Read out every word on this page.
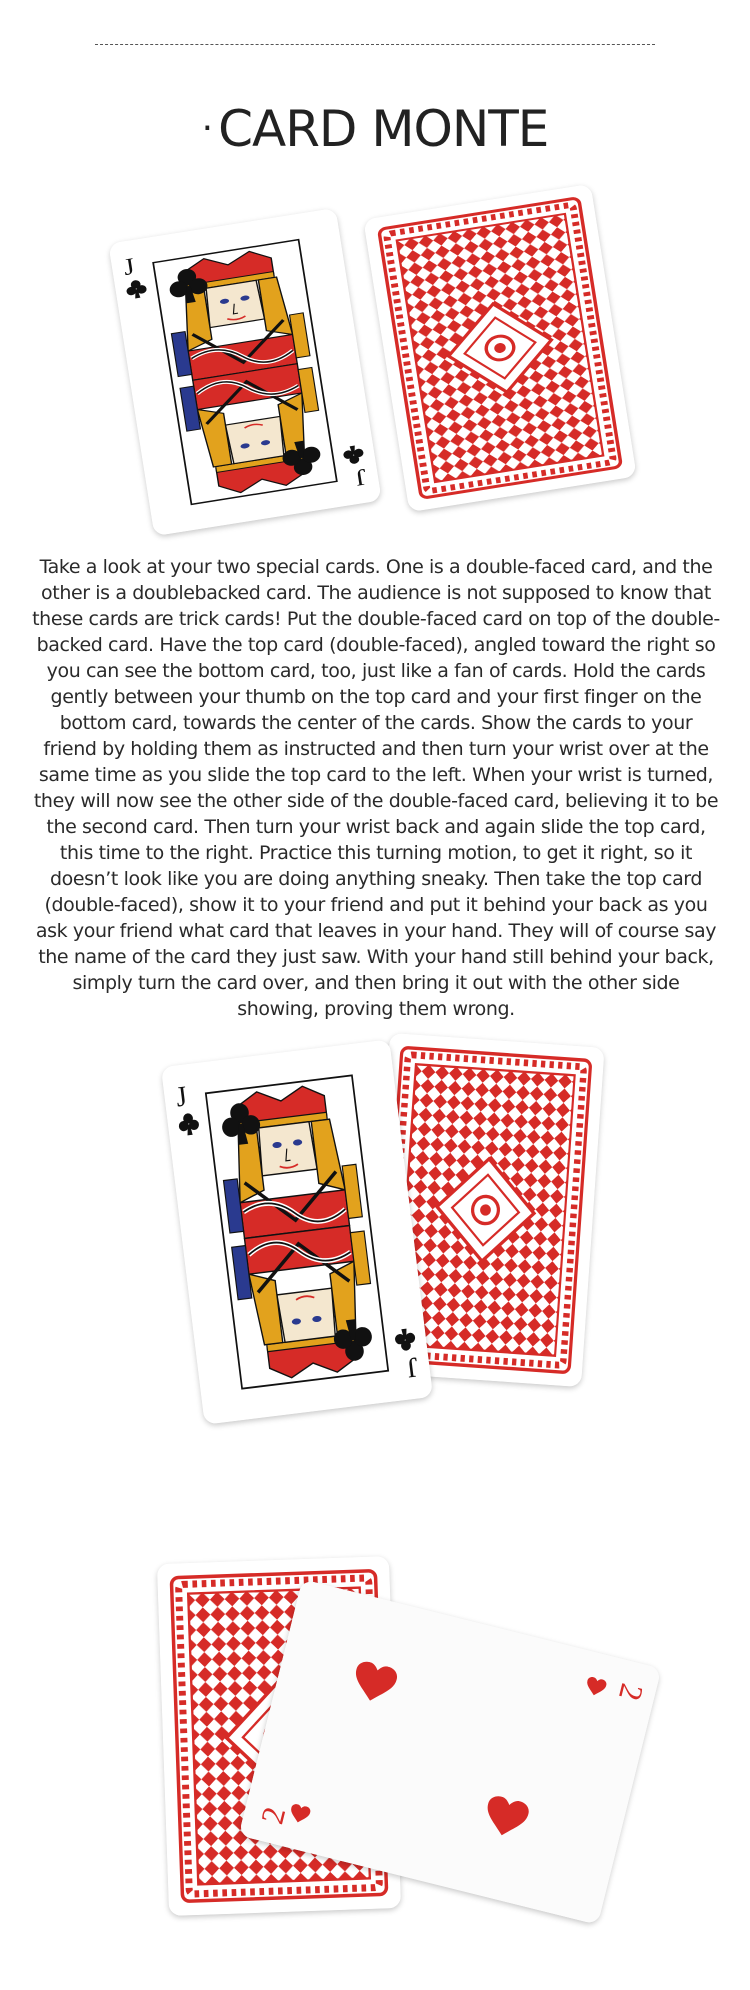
· CARD MONTE
J
J
Take a look at your two special cards. One is a double-faced card, and the other is a doublebacked card. The audience is not supposed to know that these cards are trick cards! Put the double-faced card on top of the double-backed card. Have the top card (double-faced), angled toward the right so you can see the bottom card, too, just like a fan of cards. Hold the cards gently between your thumb on the top card and your first finger on the bottom card, towards the center of the cards. Show the cards to your friend by holding them as instructed and then turn your wrist over at the same time as you slide the top card to the left. When your wrist is turned, they will now see the other side of the double-faced card, believing it to be the second card. Then turn your wrist back and again slide the top card, this time to the right. Practice this turning motion, to get it right, so it doesn’t look like you are doing anything sneaky. Then take the top card (double-faced), show it to your friend and put it behind your back as you ask your friend what card that leaves in your hand. They will of course say the name of the card they just saw. With your hand still behind your back, simply turn the card over, and then bring it out with the other side showing, proving them wrong.
J
J
2
2
